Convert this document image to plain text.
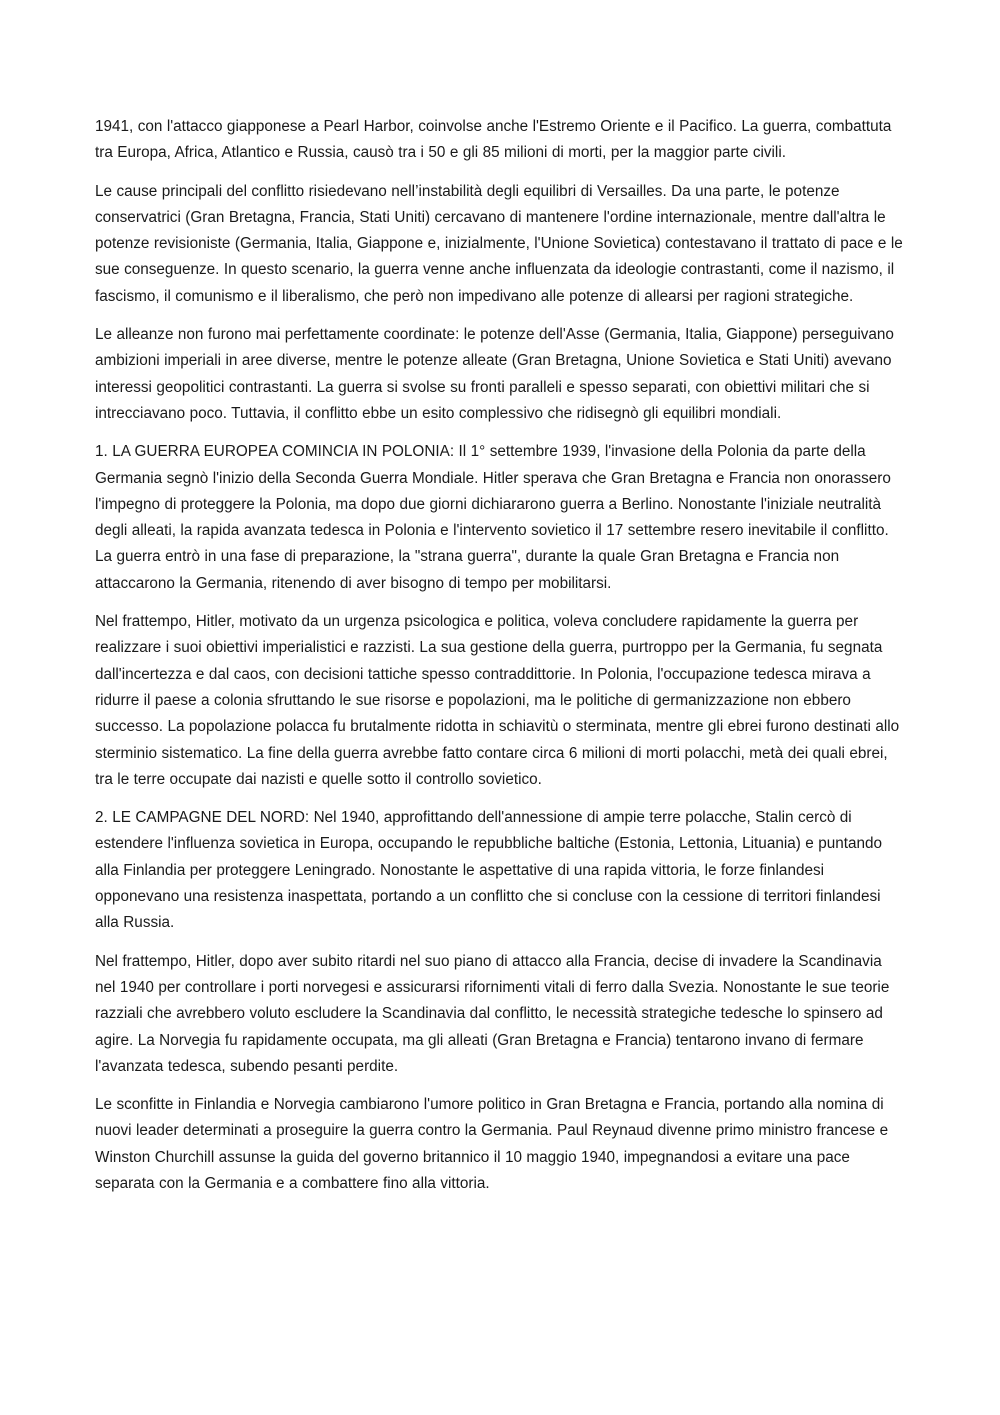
1941, con l'attacco giapponese a Pearl Harbor, coinvolse anche l'Estremo Oriente e il Pacifico. La guerra, combattuta tra Europa, Africa, Atlantico e Russia, causò tra i 50 e gli 85 milioni di morti, per la maggior parte civili.

Le cause principali del conflitto risiedevano nell’instabilità degli equilibri di Versailles. Da una parte, le potenze conservatrici (Gran Bretagna, Francia, Stati Uniti) cercavano di mantenere l'ordine internazionale, mentre dall'altra le potenze revisioniste (Germania, Italia, Giappone e, inizialmente, l'Unione Sovietica) contestavano il trattato di pace e le sue conseguenze. In questo scenario, la guerra venne anche influenzata da ideologie contrastanti, come il nazismo, il fascismo, il comunismo e il liberalismo, che però non impedivano alle potenze di allearsi per ragioni strategiche.

Le alleanze non furono mai perfettamente coordinate: le potenze dell'Asse (Germania, Italia, Giappone) perseguivano ambizioni imperiali in aree diverse, mentre le potenze alleate (Gran Bretagna, Unione Sovietica e Stati Uniti) avevano interessi geopolitici contrastanti. La guerra si svolse su fronti paralleli e spesso separati, con obiettivi militari che si intrecciavano poco. Tuttavia, il conflitto ebbe un esito complessivo che ridisegnò gli equilibri mondiali.

1. LA GUERRA EUROPEA COMINCIA IN POLONIA: Il 1° settembre 1939, l'invasione della Polonia da parte della Germania segnò l'inizio della Seconda Guerra Mondiale. Hitler sperava che Gran Bretagna e Francia non onorassero l'impegno di proteggere la Polonia, ma dopo due giorni dichiararono guerra a Berlino. Nonostante l'iniziale neutralità degli alleati, la rapida avanzata tedesca in Polonia e l'intervento sovietico il 17 settembre resero inevitabile il conflitto. La guerra entrò in una fase di preparazione, la "strana guerra", durante la quale Gran Bretagna e Francia non attaccarono la Germania, ritenendo di aver bisogno di tempo per mobilitarsi.

Nel frattempo, Hitler, motivato da un urgenza psicologica e politica, voleva concludere rapidamente la guerra per realizzare i suoi obiettivi imperialistici e razzisti. La sua gestione della guerra, purtroppo per la Germania, fu segnata dall'incertezza e dal caos, con decisioni tattiche spesso contraddittorie. In Polonia, l'occupazione tedesca mirava a ridurre il paese a colonia sfruttando le sue risorse e popolazioni, ma le politiche di germanizzazione non ebbero successo. La popolazione polacca fu brutalmente ridotta in schiavitù o sterminata, mentre gli ebrei furono destinati allo sterminio sistematico. La fine della guerra avrebbe fatto contare circa 6 milioni di morti polacchi, metà dei quali ebrei, tra le terre occupate dai nazisti e quelle sotto il controllo sovietico.

2. LE CAMPAGNE DEL NORD: Nel 1940, approfittando dell'annessione di ampie terre polacche, Stalin cercò di estendere l'influenza sovietica in Europa, occupando le repubbliche baltiche (Estonia, Lettonia, Lituania) e puntando alla Finlandia per proteggere Leningrado. Nonostante le aspettative di una rapida vittoria, le forze finlandesi opponevano una resistenza inaspettata, portando a un conflitto che si concluse con la cessione di territori finlandesi alla Russia.

Nel frattempo, Hitler, dopo aver subito ritardi nel suo piano di attacco alla Francia, decise di invadere la Scandinavia nel 1940 per controllare i porti norvegesi e assicurarsi rifornimenti vitali di ferro dalla Svezia. Nonostante le sue teorie razziali che avrebbero voluto escludere la Scandinavia dal conflitto, le necessità strategiche tedesche lo spinsero ad agire. La Norvegia fu rapidamente occupata, ma gli alleati (Gran Bretagna e Francia) tentarono invano di fermare l'avanzata tedesca, subendo pesanti perdite.

Le sconfitte in Finlandia e Norvegia cambiarono l'umore politico in Gran Bretagna e Francia, portando alla nomina di nuovi leader determinati a proseguire la guerra contro la Germania. Paul Reynaud divenne primo ministro francese e Winston Churchill assunse la guida del governo britannico il 10 maggio 1940, impegnandosi a evitare una pace separata con la Germania e a combattere fino alla vittoria.
